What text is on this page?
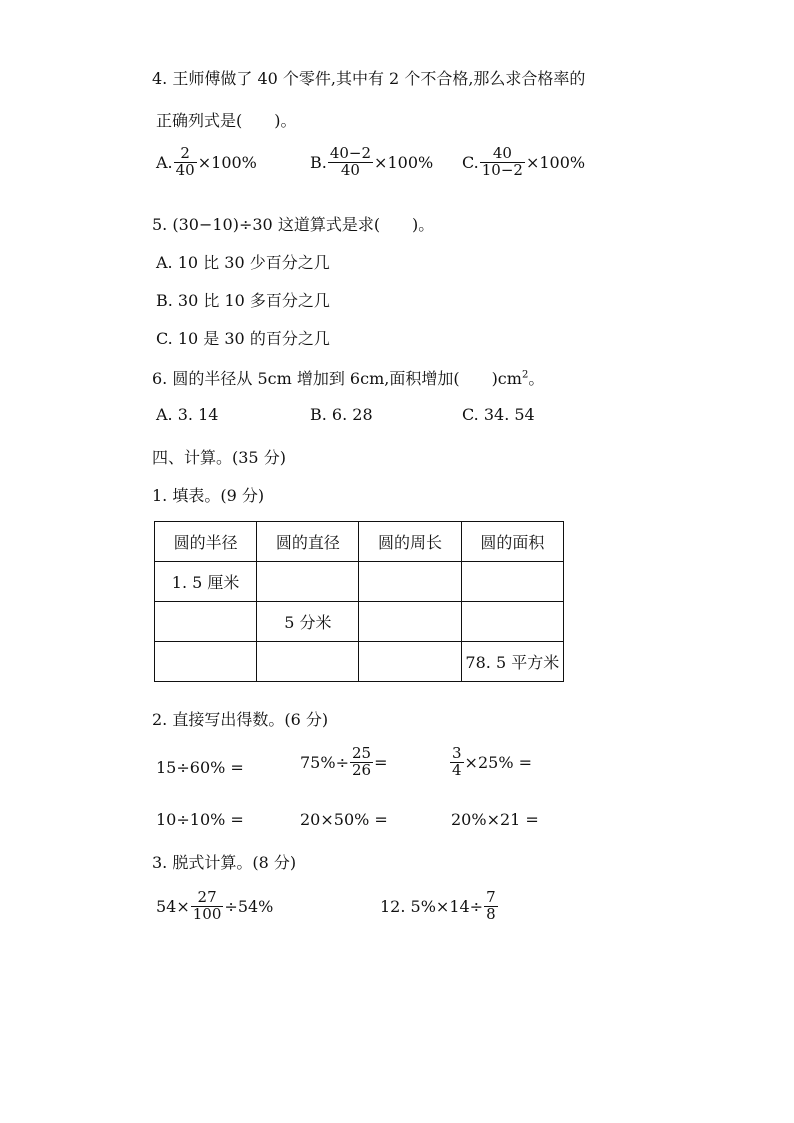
4. 王师傅做了 40 个零件,其中有 2 个不合格,那么求合格率的
正确列式是(　　)。
A. $\frac{2}{40} \times 100\%$	B. $\frac{40-2}{40} \times 100\%$ C. $\frac{40}{10-2} \times 100\%$
5. (30−10)÷30 这道算式是求(　　)。
A. 10 比 30 少百分之几
B. 30 比 10 多百分之几
C. 10 是 30 的百分之几
6. 圆的半径从 5cm 增加到 6cm,面积增加(　　)$cm^2$。
A. 3. 14	B. 6. 28	C. 34. 54
四、计算。(35 分)
1. 填表。(9 分)
圆的半径	圆的直径	圆的周长	圆的面积
1. 5 厘米			
	5 分米		
			78. 5 平方米
2. 直接写出得数。(6 分)
15÷60% =	$75\%\div \frac{25}{26}$ =	$\frac{3}{4} \times 25\%$ =
10÷10% =	20×50% =	20%×21 =
3. 脱式计算。(8 分)
$54\times \frac{27}{100} \div 54\%$	12. $5\%\times 14\div \frac{7}{8}$
